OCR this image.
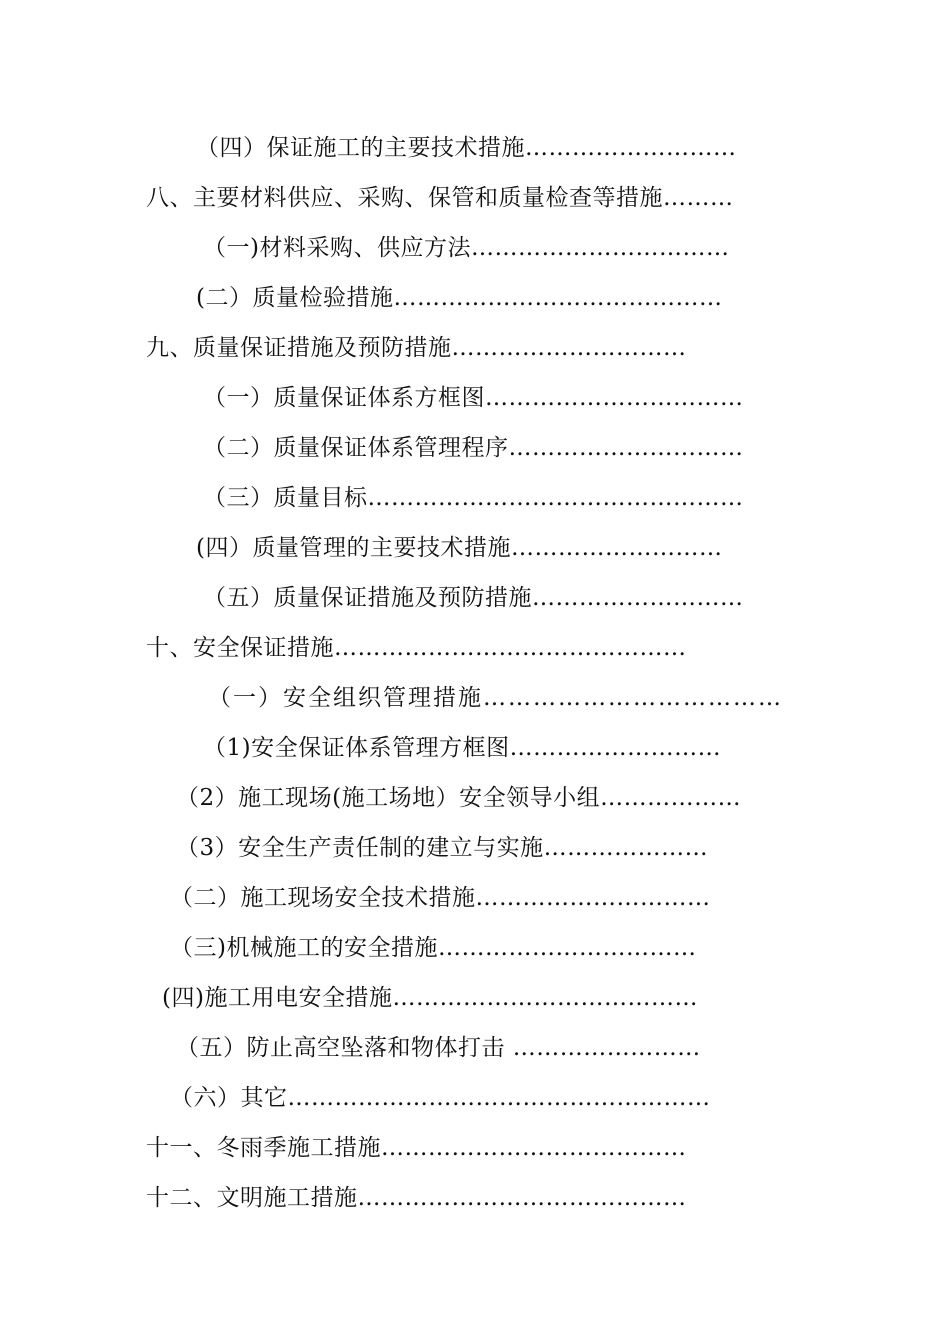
（四）保证施工的主要技术措施………………………
八、主要材料供应、采购、保管和质量检查等措施………
（一)材料采购、供应方法……………………………
(二）质量检验措施……………………………………
九、质量保证措施及预防措施…………………………
（一）质量保证体系方框图……………………………
（二）质量保证体系管理程序…………………………
（三）质量目标…………………………………………
(四）质量管理的主要技术措施………………………
（五）质量保证措施及预防措施………………………
十、安全保证措施………………………………………
（一）安全组织管理措施………………………………
（1)安全保证体系管理方框图………………………
（2）施工现场(施工场地）安全领导小组………………
（3）安全生产责任制的建立与实施…………………
（二）施工现场安全技术措施…………………………
（三)机械施工的安全措施……………………………
(四)施工用电安全措施…………………………………
（五）防止高空坠落和物体打击 ……………………
（六）其它………………………………………………
十一、冬雨季施工措施…………………………………
十二、文明施工措施……………………………………
